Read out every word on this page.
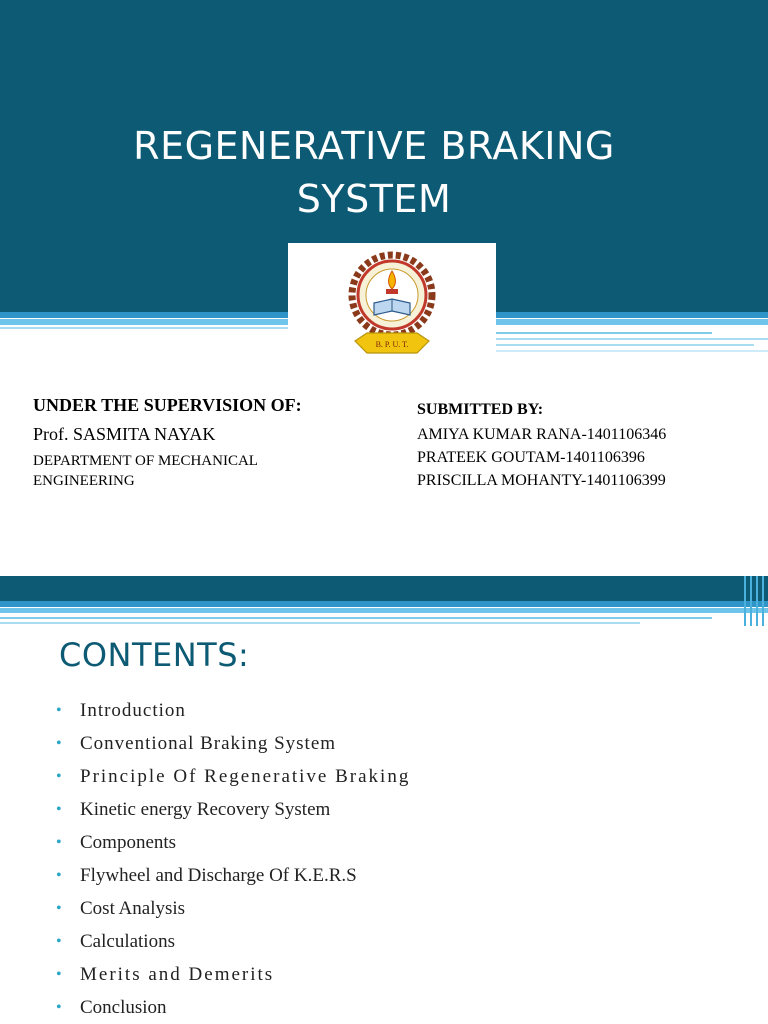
REGENERATIVE BRAKING
SYSTEM
B. P. U. T.

UNDER THE SUPERVISION OF:

Prof. SASMITA NAYAK

DEPARTMENT OF MECHANICAL ENGINEERING

SUBMITTED BY:

AMIYA KUMAR RANA-1401106346

PRATEEK GOUTAM-1401106396

PRISCILLA MOHANTY-1401106399

CONTENTS:
• Introduction
• Conventional Braking System
• Principle Of Regenerative Braking
• Kinetic energy Recovery System
• Components
• Flywheel and Discharge Of K.E.R.S
• Cost Analysis
• Calculations
• Merits and Demerits
• Conclusion
